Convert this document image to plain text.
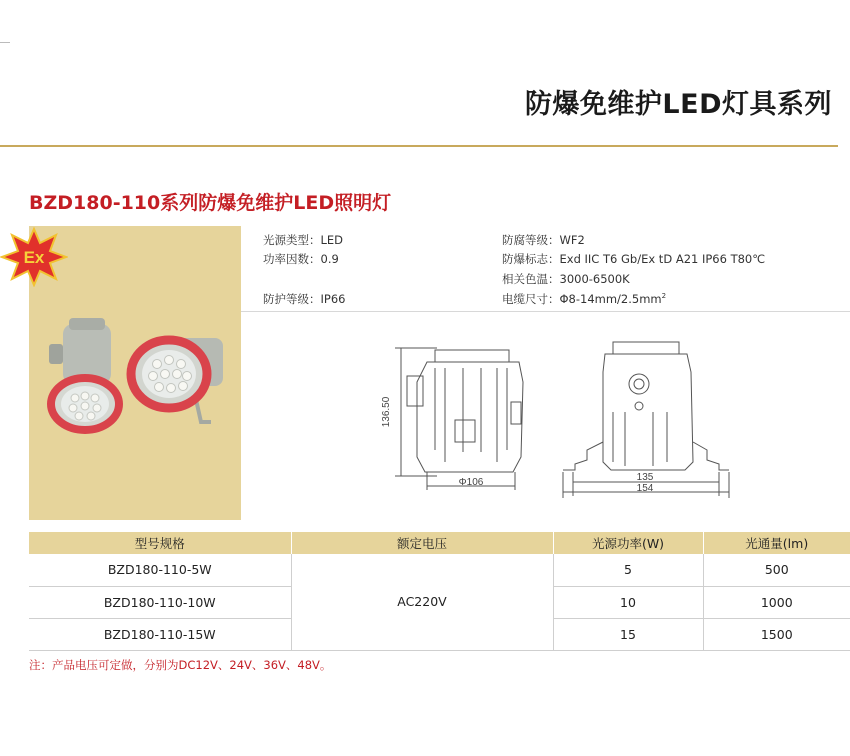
防爆免维护LED灯具系列
BZD180-110系列防爆免维护LED照明灯
Ex
光源类型：LED
功率因数：0.9
防护等级：IP66
防腐等级：WF2
防爆标志：Exd IIC T6 Gb/Ex tD A21 IP66 T80℃
相关色温：3000-6500K
电缆尺寸：$\Phi 8-14mm/2.5mm^2$
136.50
Φ106	135
154
型号规格	额定电压	光源功率(W)	光通量(lm)
BZD180-110-5W	AC220V	5	500
BZD180-110-10W		10	1000
BZD180-110-15W		15	1500
注：产品电压可定做，分别为DC12V、24V、36V、48V。
